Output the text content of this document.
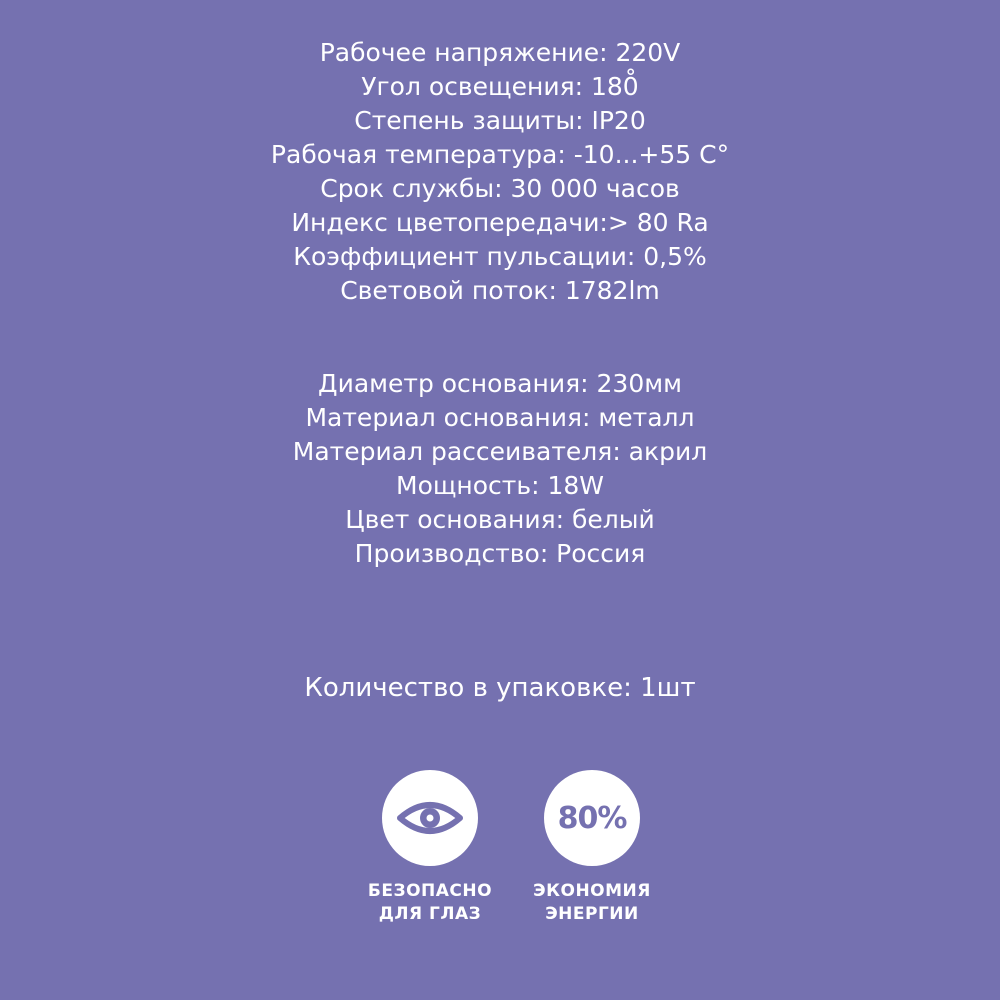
Рабочее напряжение: 220V
Угол освещения: 180̊
Степень защиты: IP20
Рабочая температура: -10...+55 С°
Срок службы: 30 000 часов
Индекс цветопередачи:> 80 Ra
Коэффициент пульсации: 0,5%
Световой поток: 1782lm
Диаметр основания: 230мм
Материал основания: металл
Материал рассеивателя: акрил
Мощность: 18W
Цвет основания: белый
Производство: Россия
Количество в упаковке: 1шт
БЕЗОПАСНО
ДЛЯ ГЛАЗ
80%
ЭКОНОМИЯ
ЭНЕРГИИ
